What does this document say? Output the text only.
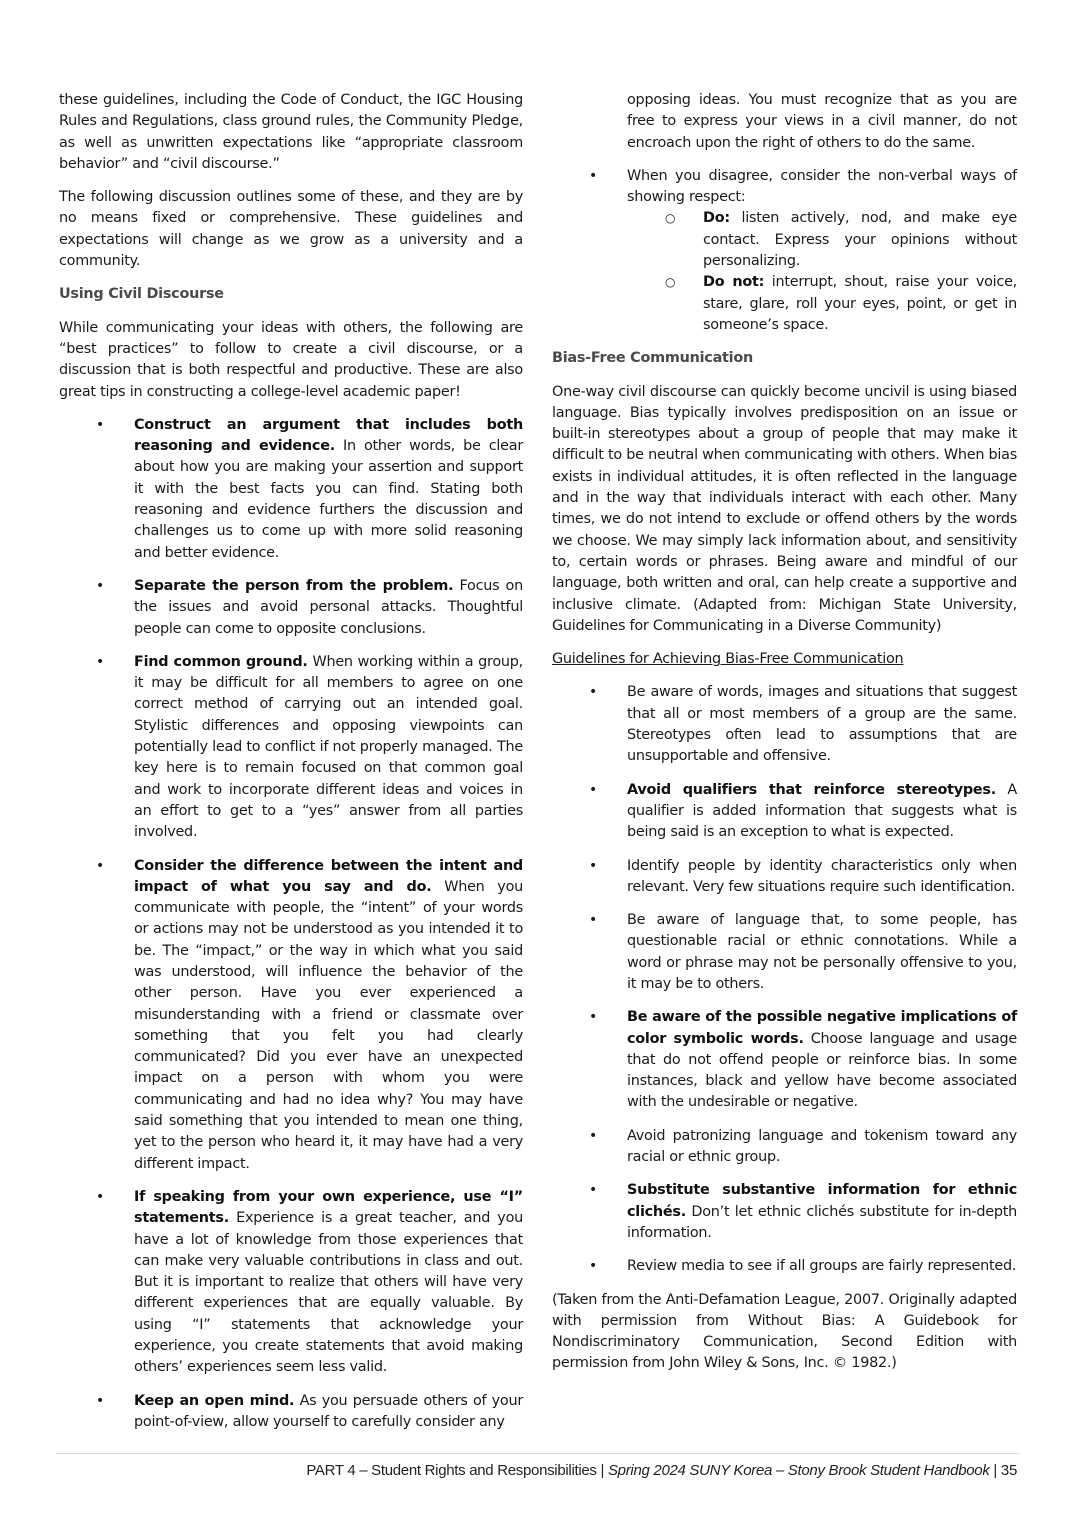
these guidelines, including the Code of Conduct, the IGC Housing Rules and Regulations, class ground rules, the Community Pledge, as well as unwritten expectations like “appropriate classroom behavior” and “civil discourse.”

The following discussion outlines some of these, and they are by no means fixed or comprehensive. These guidelines and expectations will change as we grow as a university and a community.

Using Civil Discourse

While communicating your ideas with others, the following are “best practices” to follow to create a civil discourse, or a discussion that is both respectful and productive. These are also great tips in constructing a college-level academic paper!

• Construct an argument that includes both reasoning and evidence. In other words, be clear about how you are making your assertion and support it with the best facts you can find. Stating both reasoning and evidence furthers the discussion and challenges us to come up with more solid reasoning and better evidence.
• Separate the person from the problem. Focus on the issues and avoid personal attacks. Thoughtful people can come to opposite conclusions.
• Find common ground. When working within a group, it may be difficult for all members to agree on one correct method of carrying out an intended goal. Stylistic differences and opposing viewpoints can potentially lead to conflict if not properly managed. The key here is to remain focused on that common goal and work to incorporate different ideas and voices in an effort to get to a “yes” answer from all parties involved.
• Consider the difference between the intent and impact of what you say and do. When you communicate with people, the “intent” of your words or actions may not be understood as you intended it to be. The “impact,” or the way in which what you said was understood, will influence the behavior of the other person. Have you ever experienced a misunderstanding with a friend or classmate over something that you felt you had clearly communicated? Did you ever have an unexpected impact on a person with whom you were communicating and had no idea why? You may have said something that you intended to mean one thing, yet to the person who heard it, it may have had a very different impact.
• If speaking from your own experience, use “I” statements. Experience is a great teacher, and you have a lot of knowledge from those experiences that can make very valuable contributions in class and out. But it is important to realize that others will have very different experiences that are equally valuable. By using “I” statements that acknowledge your experience, you create statements that avoid making others’ experiences seem less valid.
• Keep an open mind. As you persuade others of your point-of-view, allow yourself to carefully consider any

opposing ideas. You must recognize that as you are free to express your views in a civil manner, do not encroach upon the right of others to do the same.

• When you disagree, consider the non-verbal ways of showing respect:
○ Do: listen actively, nod, and make eye contact. Express your opinions without personalizing.
○ Do not: interrupt, shout, raise your voice, stare, glare, roll your eyes, point, or get in someone’s space.
Bias-Free Communication

One-way civil discourse can quickly become uncivil is using biased language. Bias typically involves predisposition on an issue or built-in stereotypes about a group of people that may make it difficult to be neutral when communicating with others. When bias exists in individual attitudes, it is often reflected in the language and in the way that individuals interact with each other. Many times, we do not intend to exclude or offend others by the words we choose. We may simply lack information about, and sensitivity to, certain words or phrases. Being aware and mindful of our language, both written and oral, can help create a supportive and inclusive climate. (Adapted from: Michigan State University, Guidelines for Communicating in a Diverse Community)

Guidelines for Achieving Bias-Free Communication
• Be aware of words, images and situations that suggest that all or most members of a group are the same. Stereotypes often lead to assumptions that are unsupportable and offensive.
• Avoid qualifiers that reinforce stereotypes. A qualifier is added information that suggests what is being said is an exception to what is expected.
• Identify people by identity characteristics only when relevant. Very few situations require such identification.
• Be aware of language that, to some people, has questionable racial or ethnic connotations. While a word or phrase may not be personally offensive to you, it may be to others.
• Be aware of the possible negative implications of color symbolic words. Choose language and usage that do not offend people or reinforce bias. In some instances, black and yellow have become associated with the undesirable or negative.
• Avoid patronizing language and tokenism toward any racial or ethnic group.
• Substitute substantive information for ethnic clichés. Don’t let ethnic clichés substitute for in-depth information.
• Review media to see if all groups are fairly represented.

(Taken from the Anti-Defamation League, 2007. Originally adapted with permission from Without Bias: A Guidebook for Nondiscriminatory Communication, Second Edition with permission from John Wiley & Sons, Inc. © 1982.)

PART 4 – Student Rights and Responsibilities | Spring 2024 SUNY Korea – Stony Brook Student Handbook | 35
